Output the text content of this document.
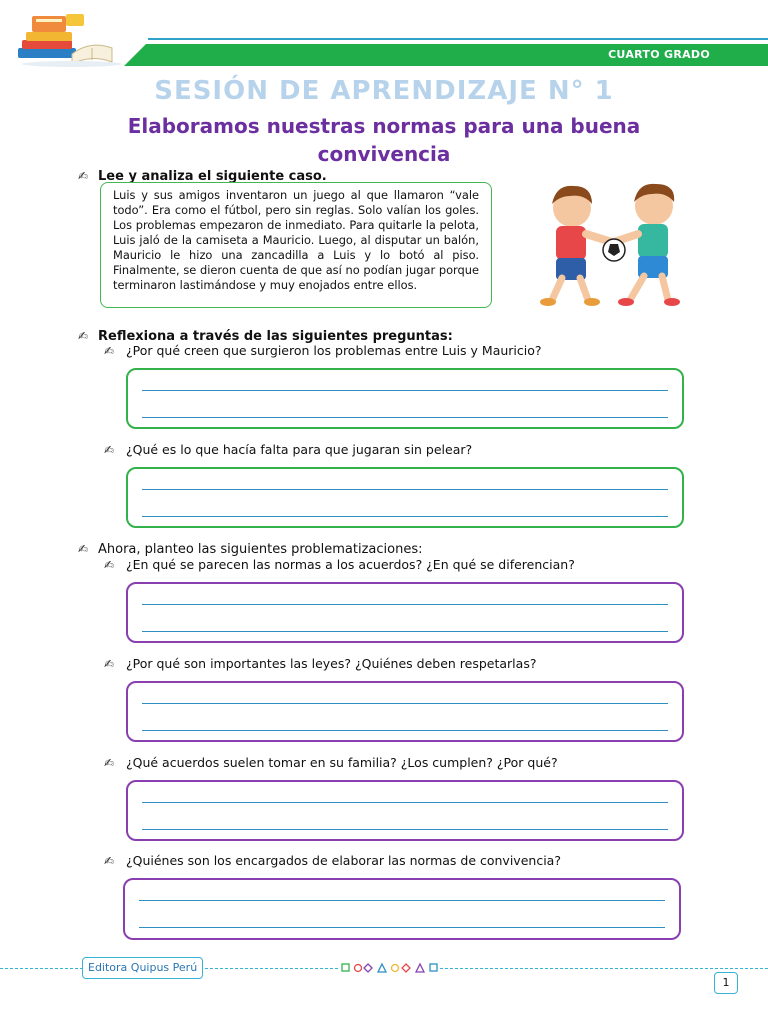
CUARTO GRADO
SESIÓN DE APRENDIZAJE N° 1
Elaboramos nuestras normas para una buena convivencia
✍ Lee y analiza el siguiente caso.

Luis y sus amigos inventaron un juego al que llamaron “vale todo”. Era como el fútbol, pero sin reglas. Solo valían los goles. Los problemas empezaron de inmediato. Para quitarle la pelota, Luis jaló de la camiseta a Mauricio. Luego, al disputar un balón, Mauricio le hizo una zancadilla a Luis y lo botó al piso. Finalmente, se dieron cuenta de que así no podían jugar porque terminaron lastimándose y muy enojados entre ellos.

✍ Reflexiona a través de las siguientes preguntas:
✍ ¿Por qué creen que surgieron los problemas entre Luis y Mauricio?
✍ ¿Qué es lo que hacía falta para que jugaran sin pelear?
✍ Ahora, planteo las siguientes problematizaciones:
✍ ¿En qué se parecen las normas a los acuerdos? ¿En qué se diferencian?
✍ ¿Por qué son importantes las leyes? ¿Quiénes deben respetarlas?
✍ ¿Qué acuerdos suelen tomar en su familia? ¿Los cumplen? ¿Por qué?
✍ ¿Quiénes son los encargados de elaborar las normas de convivencia?
Editora Quipus Perú
1
